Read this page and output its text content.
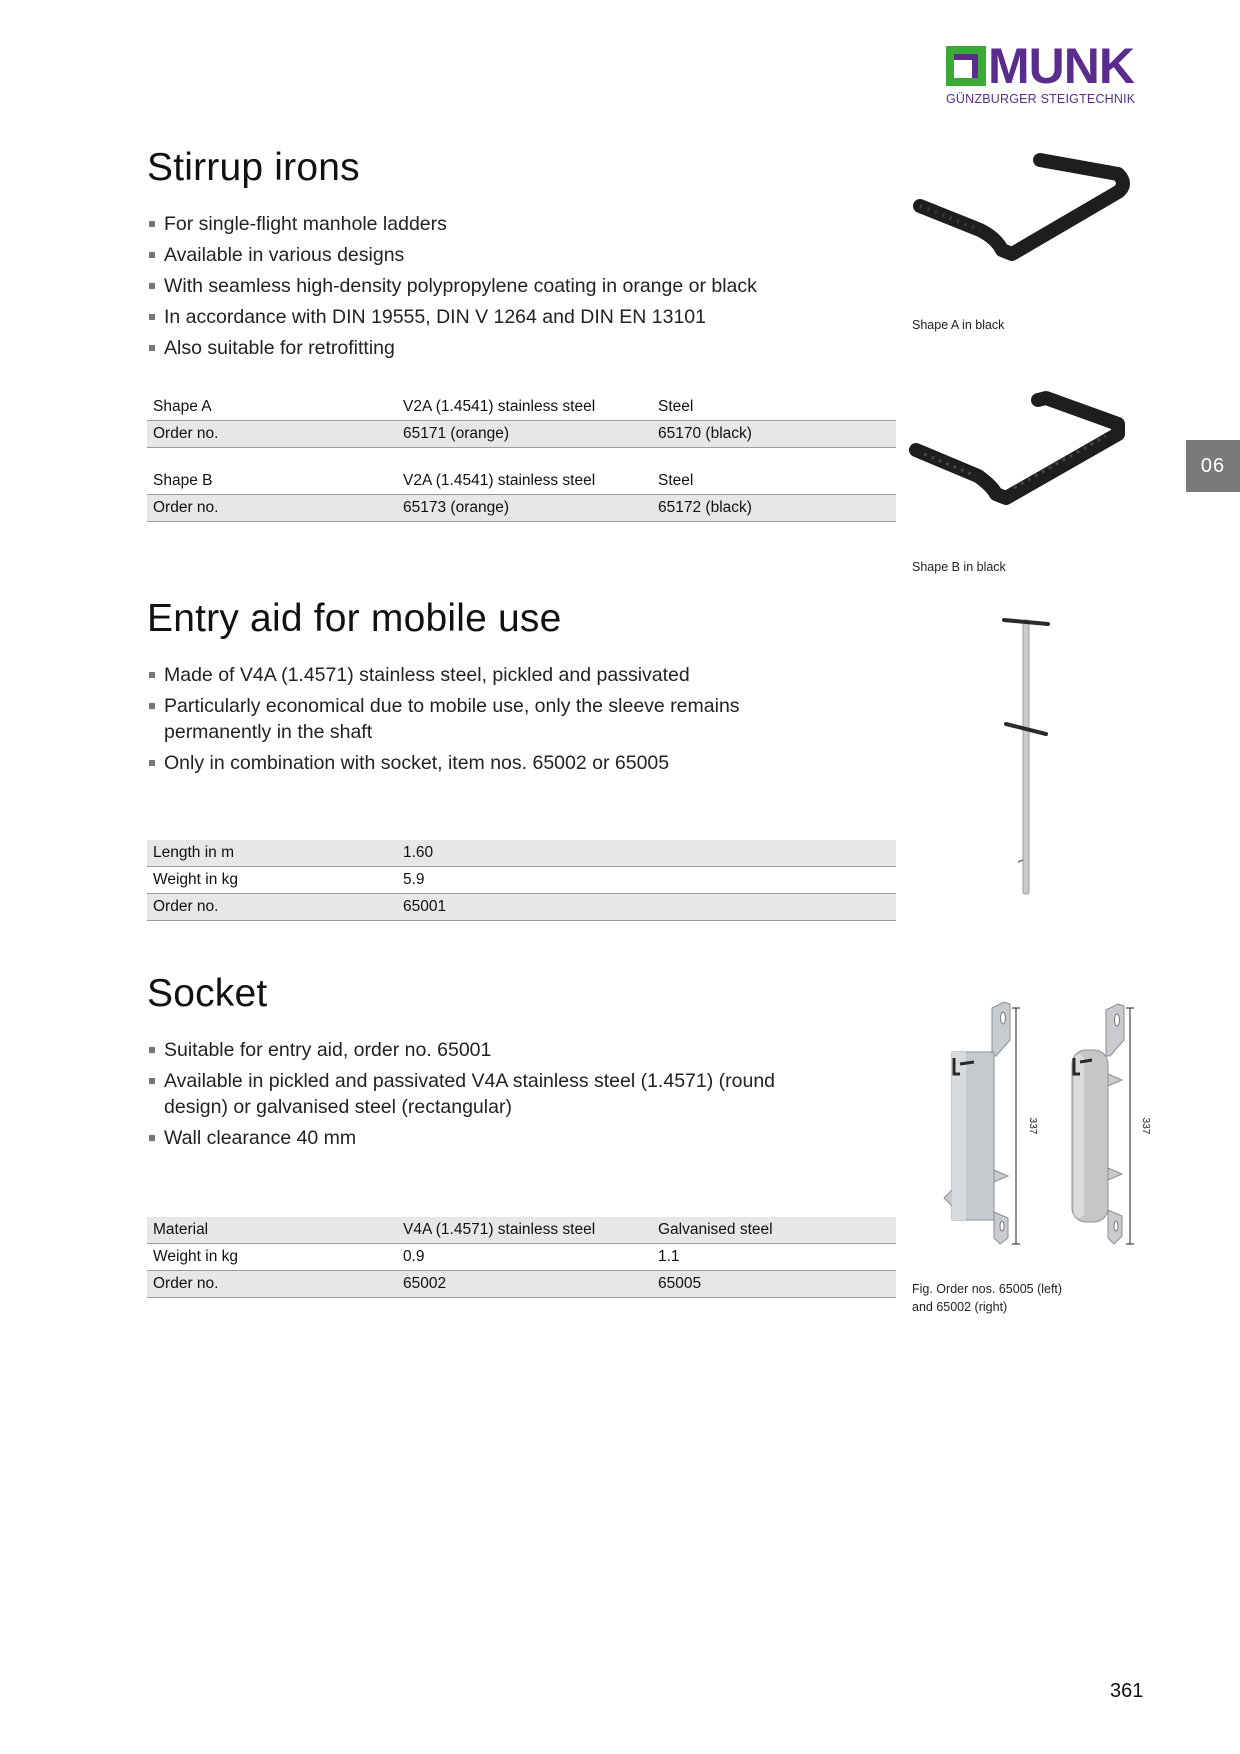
MUNK
GÜNZBURGER STEIGTECHNIK
06
Stirrup irons
For single-flight manhole ladders
Available in various designs
With seamless high-density polypropylene coating in orange or black
In accordance with DIN 19555, DIN V 1264 and DIN EN 13101
Also suitable for retrofitting
Shape A	V2A (1.4541) stainless steel	Steel
Order no.	65171 (orange)	65170 (black)

Shape B	V2A (1.4541) stainless steel	Steel
Order no.	65173 (orange)	65172 (black)
Shape A in black
Shape B in black
Entry aid for mobile use
Made of V4A (1.4571) stainless steel, pickled and passivated
Particularly economical due to mobile use, only the sleeve remains permanently in the shaft
Only in combination with socket, item nos. 65002 or 65005
Length in m	1.60	
Weight in kg	5.9	
Order no.	65001	
Socket
Suitable for entry aid, order no. 65001
Available in pickled and passivated V4A stainless steel (1.4571) (round design) or galvanised steel (rectangular)
Wall clearance 40 mm
Material	V4A (1.4571) stainless steel	Galvanised steel
Weight in kg	0.9	1.1
Order no.	65002	65005
337	337
Fig. Order nos. 65005 (left)
and 65002 (right)
361
